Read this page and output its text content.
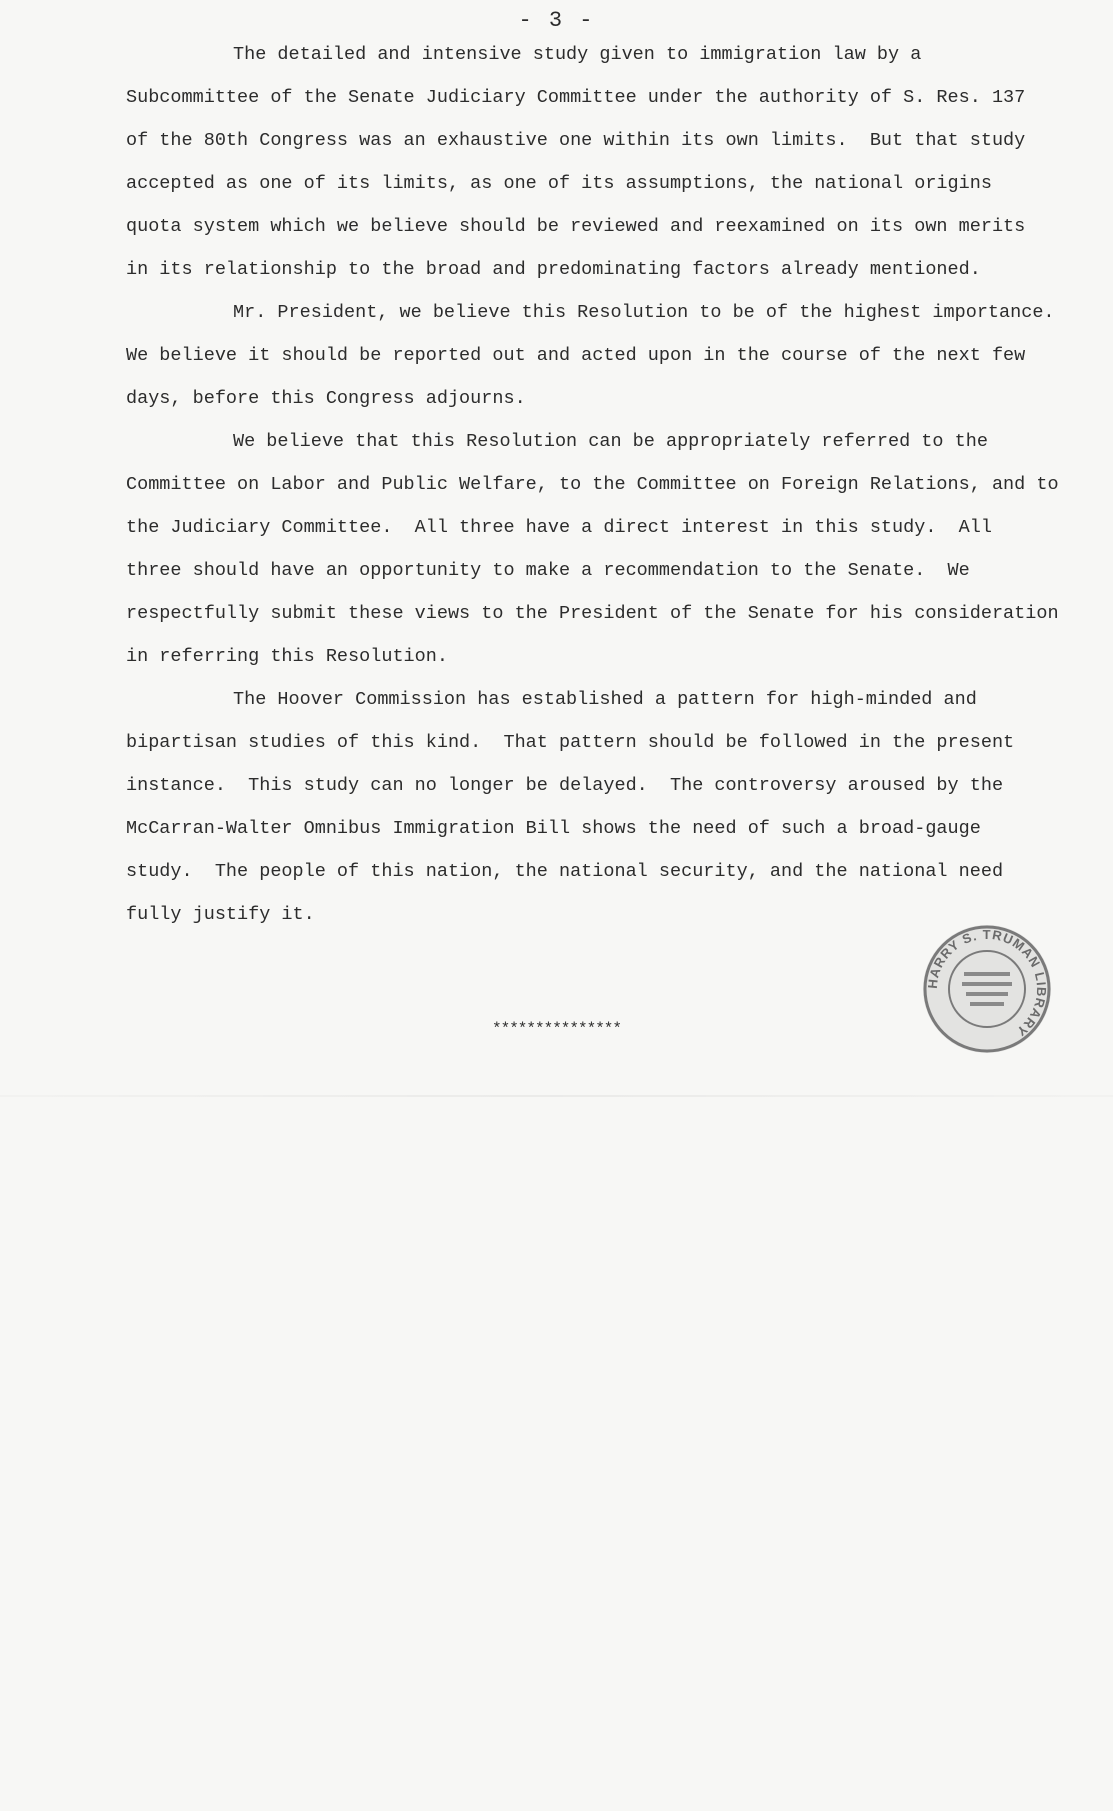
- 3 -
The detailed and intensive study given to immigration law by a
Subcommittee of the Senate Judiciary Committee under the authority of S. Res. 137
of the 80th Congress was an exhaustive one within its own limits.  But that study
accepted as one of its limits, as one of its assumptions, the national origins
quota system which we believe should be reviewed and reexamined on its own merits
in its relationship to the broad and predominating factors already mentioned.
Mr. President, we believe this Resolution to be of the highest importance.
We believe it should be reported out and acted upon in the course of the next few
days, before this Congress adjourns.
We believe that this Resolution can be appropriately referred to the
Committee on Labor and Public Welfare, to the Committee on Foreign Relations, and to
the Judiciary Committee.  All three have a direct interest in this study.  All
three should have an opportunity to make a recommendation to the Senate.  We
respectfully submit these views to the President of the Senate for his consideration
in referring this Resolution.
The Hoover Commission has established a pattern for high-minded and
bipartisan studies of this kind.  That pattern should be followed in the present
instance.  This study can no longer be delayed.  The controversy aroused by the
McCarran-Walter Omnibus Immigration Bill shows the need of such a broad-gauge
study.  The people of this nation, the national security, and the national need
fully justify it.
HARRY S. TRUMAN LIBRARY
***************
